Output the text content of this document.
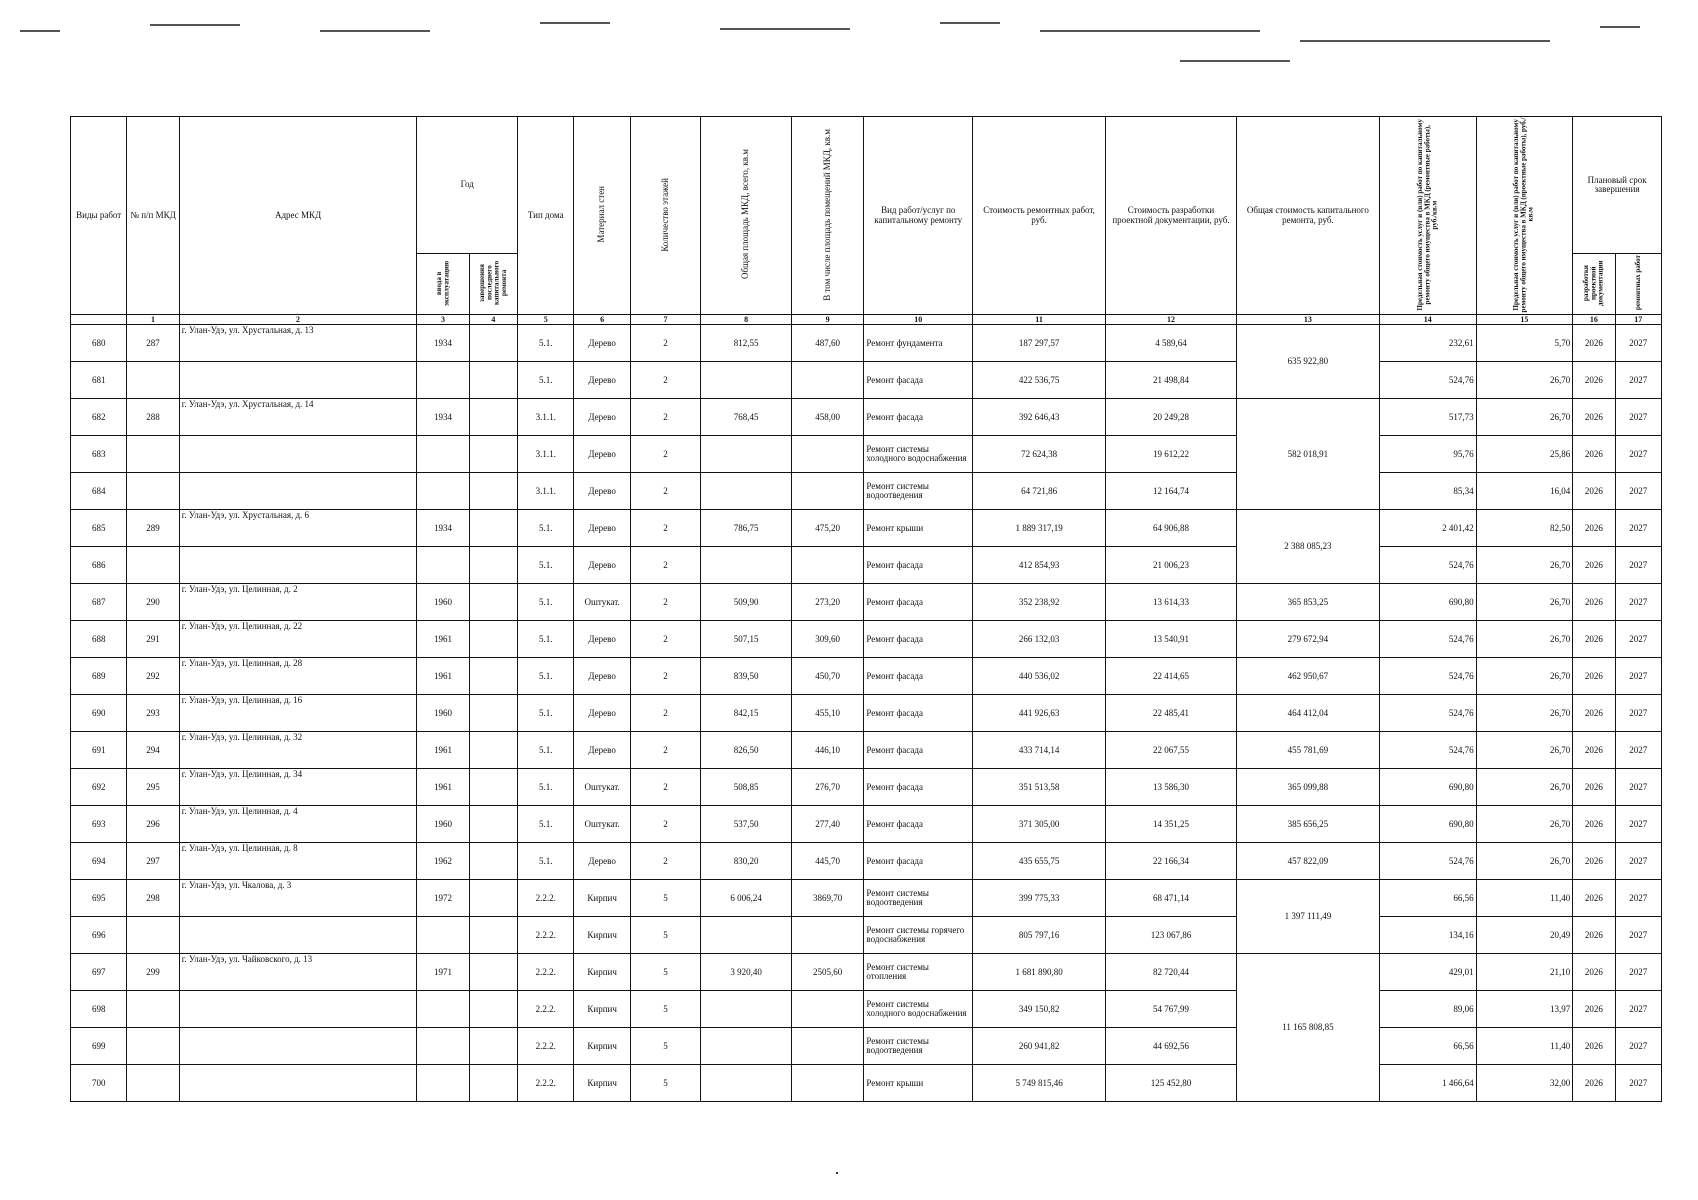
Виды работ	№ п/п МКД	Адрес МКД	Год		Тип дома	Материал стен	Количество этажей	Общая площадь МКД, всего, кв.м	В том числе площадь помещений МКД, кв.м	Вид работ/услуг по капитальному ремонту	Стоимость ремонтных работ, руб.	Стоимость разработки проектной документации, руб.	Общая стоимость капитального ремонта, руб.	Предельная стоимость услуг и (или) работ по капитальному ремонту общего имущества в МКД (ремонтные работы), руб./кв.м	Предельная стоимость услуг и (или) работ по капитальному ремонту общего имущества в МКД (проектные работы), руб./кв.м	Плановый срок завершения	
			ввода в эксплуатацию	завершения последнего капитального ремонта												разработки проектной документации	ремонтных работ
	1	2	3	4	5	6	7	8	9	10	11	12	13	14	15	16	17
680	287	г. Улан-Удэ, ул. Хрустальная, д. 13	1934		5.1.	Дерево	2	812,55	487,60	Ремонт фундамента	187 297,57	4 589,64	635 922,80	232,61	5,70	2026	2027
681					5.1.	Дерево	2			Ремонт фасада	422 536,75	21 498,84		524,76	26,70	2026	2027
682	288	г. Улан-Удэ, ул. Хрустальная, д. 14	1934		3.1.1.	Дерево	2	768,45	458,00	Ремонт фасада	392 646,43	20 249,28	582 018,91	517,73	26,70	2026	2027
683					3.1.1.	Дерево	2			Ремонт системы холодного водоснабжения	72 624,38	19 612,22		95,76	25,86	2026	2027
684					3.1.1.	Дерево	2			Ремонт системы водоотведения	64 721,86	12 164,74		85,34	16,04	2026	2027
685	289	г. Улан-Удэ, ул. Хрустальная, д. 6	1934		5.1.	Дерево	2	786,75	475,20	Ремонт крыши	1 889 317,19	64 906,88	2 388 085,23	2 401,42	82,50	2026	2027
686					5.1.	Дерево	2			Ремонт фасада	412 854,93	21 006,23		524,76	26,70	2026	2027
687	290	г. Улан-Удэ, ул. Целинная, д. 2	1960		5.1.	Оштукат.	2	509,90	273,20	Ремонт фасада	352 238,92	13 614,33	365 853,25	690,80	26,70	2026	2027
688	291	г. Улан-Удэ, ул. Целинная, д. 22	1961		5.1.	Дерево	2	507,15	309,60	Ремонт фасада	266 132,03	13 540,91	279 672,94	524,76	26,70	2026	2027
689	292	г. Улан-Удэ, ул. Целинная, д. 28	1961		5.1.	Дерево	2	839,50	450,70	Ремонт фасада	440 536,02	22 414,65	462 950,67	524,76	26,70	2026	2027
690	293	г. Улан-Удэ, ул. Целинная, д. 16	1960		5.1.	Дерево	2	842,15	455,10	Ремонт фасада	441 926,63	22 485,41	464 412,04	524,76	26,70	2026	2027
691	294	г. Улан-Удэ, ул. Целинная, д. 32	1961		5.1.	Дерево	2	826,50	446,10	Ремонт фасада	433 714,14	22 067,55	455 781,69	524,76	26,70	2026	2027
692	295	г. Улан-Удэ, ул. Целинная, д. 34	1961		5.1.	Оштукат.	2	508,85	276,70	Ремонт фасада	351 513,58	13 586,30	365 099,88	690,80	26,70	2026	2027
693	296	г. Улан-Удэ, ул. Целинная, д. 4	1960		5.1.	Оштукат.	2	537,50	277,40	Ремонт фасада	371 305,00	14 351,25	385 656,25	690,80	26,70	2026	2027
694	297	г. Улан-Удэ, ул. Целинная, д. 8	1962		5.1.	Дерево	2	830,20	445,70	Ремонт фасада	435 655,75	22 166,34	457 822,09	524,76	26,70	2026	2027
695	298	г. Улан-Удэ, ул. Чкалова, д. 3	1972		2.2.2.	Кирпич	5	6 006,24	3869,70	Ремонт системы водоотведения	399 775,33	68 471,14	1 397 111,49	66,56	11,40	2026	2027
696					2.2.2.	Кирпич	5			Ремонт системы горячего водоснабжения	805 797,16	123 067,86		134,16	20,49	2026	2027
697	299	г. Улан-Удэ, ул. Чайковского, д. 13	1971		2.2.2.	Кирпич	5	3 920,40	2505,60	Ремонт системы отопления	1 681 890,80	82 720,44	11 165 808,85	429,01	21,10	2026	2027
698					2.2.2.	Кирпич	5			Ремонт системы холодного водоснабжения	349 150,82	54 767,99		89,06	13,97	2026	2027
699					2.2.2.	Кирпич	5			Ремонт системы водоотведения	260 941,82	44 692,56		66,56	11,40	2026	2027
700					2.2.2.	Кирпич	5			Ремонт крыши	5 749 815,46	125 452,80		1 466,64	32,00	2026	2027
